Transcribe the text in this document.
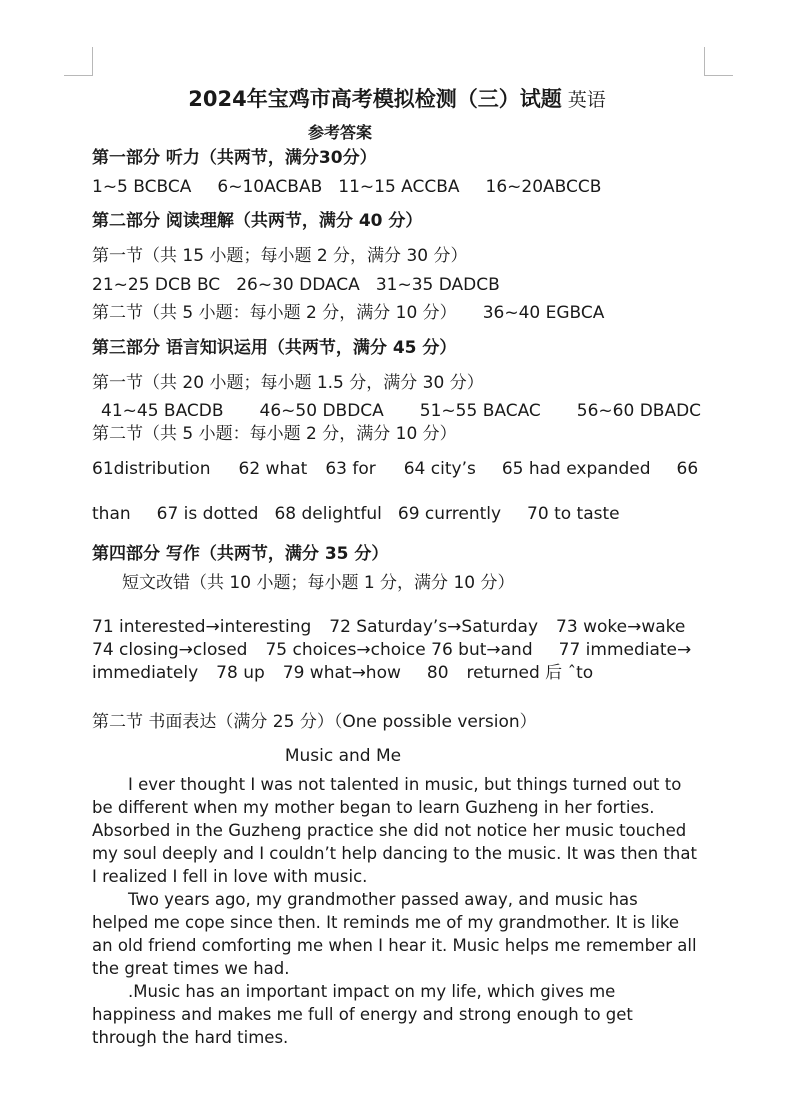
2024年宝鸡市高考模拟检测（三）试题 英语
参考答案
第一部分 听力（共两节，满分30分）
1~5 BCBCA 6~10ACBAB 11~15 ACCBA 16~20ABCCB
第二部分 阅读理解（共两节，满分 40 分）
第一节（共 15 小题；每小题 2 分，满分 30 分）
21~25 DCB BC 26~30 DDACA 31~35 DADCB
第二节（共 5 小题：每小题 2 分，满分 10 分） 36~40 EGBCA
第三部分 语言知识运用（共两节，满分 45 分）
第一节（共 20 小题；每小题 1.5 分，满分 30 分）
41~45 BACDB 46~50 DBDCA 51~55 BACAC 56~60 DBADC
第二节（共 5 小题：每小题 2 分，满分 10 分）
61distribution 62 what 63 for 64 city’s 65 had expanded 66
than 67 is dotted 68 delightful 69 currently 70 to taste
第四部分 写作（共两节，满分 35 分）
短文改错（共 10 小题；每小题 1 分，满分 10 分）
71 interested→interesting 72 Saturday’s→Saturday 73 woke→wake
74 closing→closed 75 choices→choice 76 but→and 77 immediate→
immediately 78 up 79 what→how 80 returned 后 ˆto
第二节 书面表达（满分 25 分）（One possible version）
Music and Me

I ever thought I was not talented in music, but things turned out to be different when my mother began to learn Guzheng in her forties. Absorbed in the Guzheng practice she did not notice her music touched my soul deeply and I couldn’t help dancing to the music. It was then that I realized I fell in love with music.

Two years ago, my grandmother passed away, and music has helped me cope since then. It reminds me of my grandmother. It is like an old friend comforting me when I hear it. Music helps me remember all the great times we had.

.Music has an important impact on my life, which gives me happiness and makes me full of energy and strong enough to get through the hard times.
